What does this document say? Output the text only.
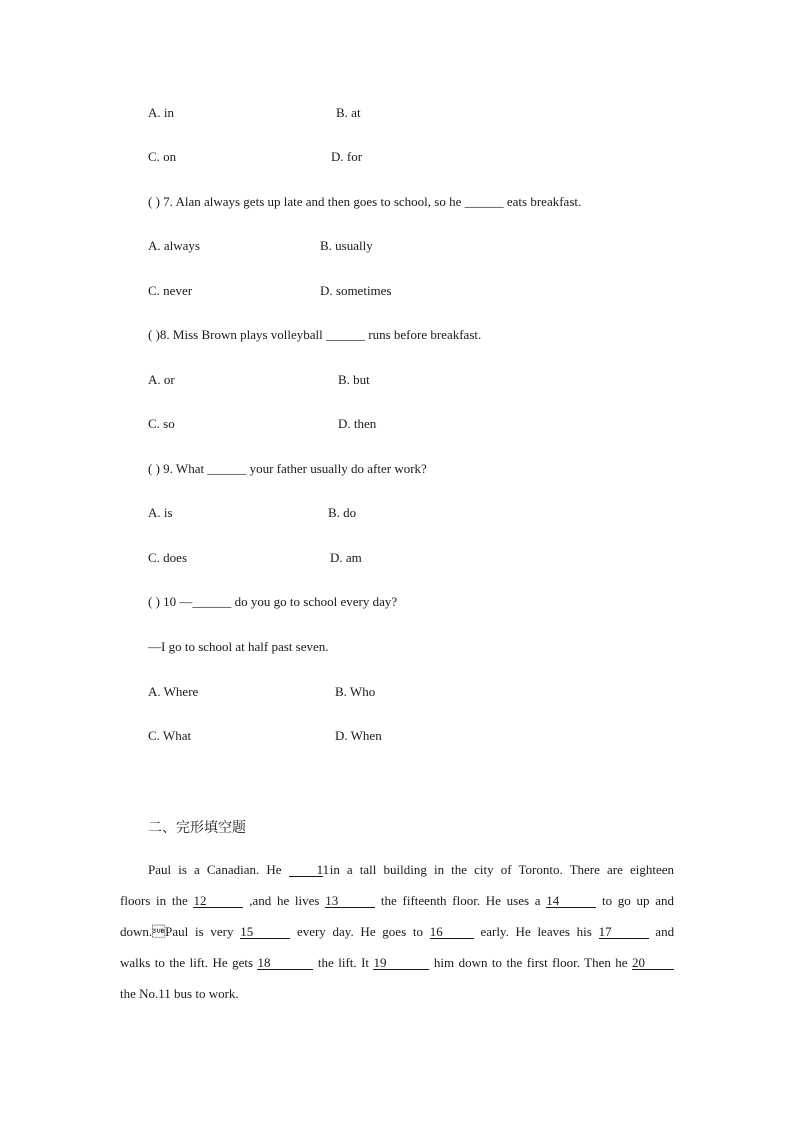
A. in	B. at
C. on	D. for
( ) 7. Alan always gets up late and then goes to school, so he ______ eats breakfast.
A. always	B. usually
C. never	D. sometimes
( )8. Miss Brown plays volleyball ______ runs before breakfast.
A. or	B. but
C. so	D. then
( ) 9. What ______ your father usually do after work?
A. is	B. do
C. does	D. am
( ) 10 —______ do you go to school every day?
—I go to school at half past seven.
A. Where	B. Who
C. What	D. When
二、完形填空题
Paul is a Canadian. He	11 in a tall building in the city of Toronto. There are eighteen
floors in the 12	,and he lives 13	the fifteenth floor. He uses a 14	to go up and
down.Paul is very 15	every day. He goes to 16	early. He leaves his 17	and
walks to the lift. He gets 18	the lift. It 19	him down to the first floor. Then he 20
the No.11 bus to work.
